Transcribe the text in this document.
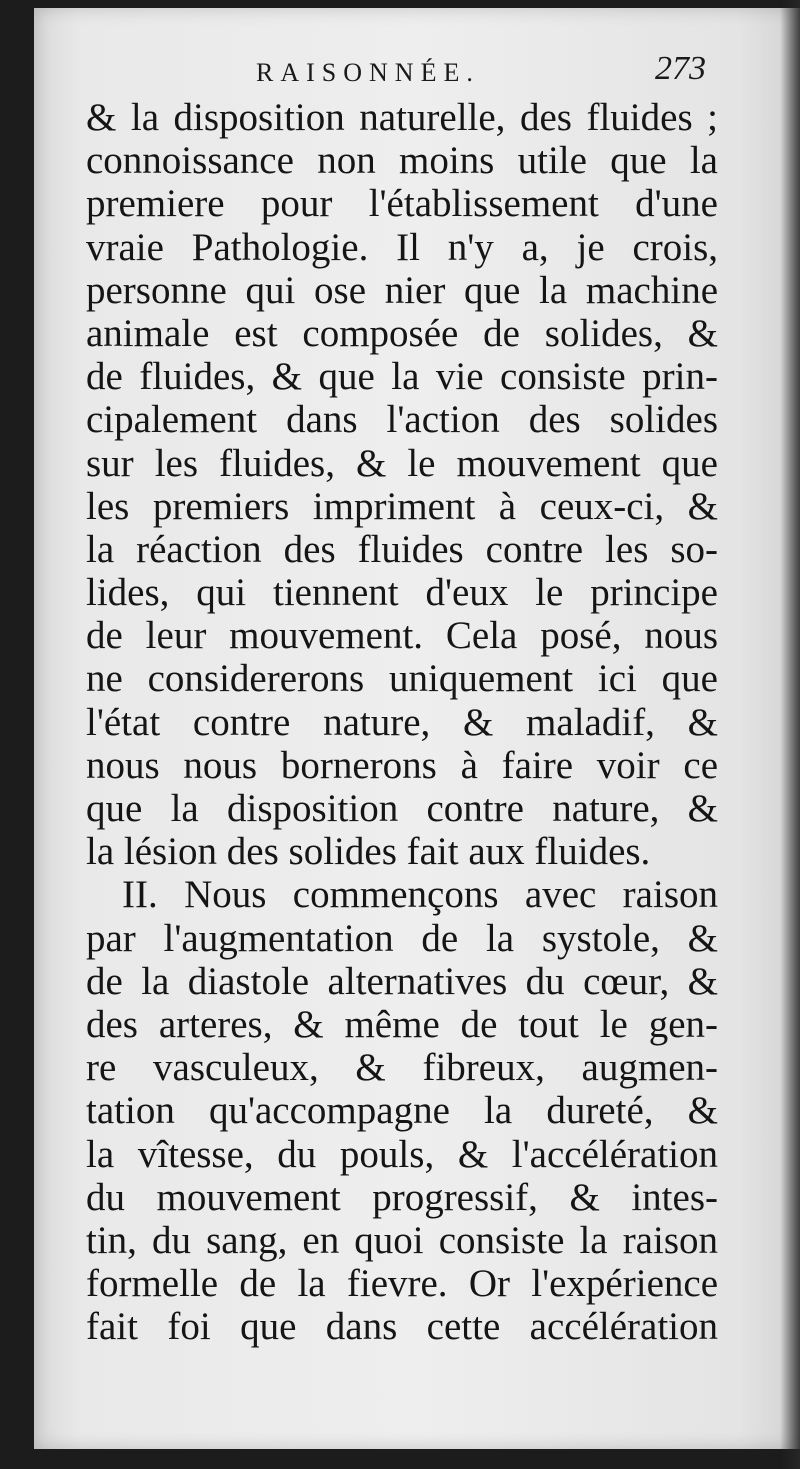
RAISONNÉE.	273
& la disposition naturelle, des fluides ;
connoissance non moins utile que la
premiere pour l'établissement d'une
vraie Pathologie. Il n'y a, je crois,
personne qui ose nier que la machine
animale est composée de solides, &
de fluides, & que la vie consiste prin-
cipalement dans l'action des solides
sur les fluides, & le mouvement que
les premiers impriment à ceux-ci, &
la réaction des fluides contre les so-
lides, qui tiennent d'eux le principe
de leur mouvement. Cela posé, nous
ne considererons uniquement ici que
l'état contre nature, & maladif, &
nous nous bornerons à faire voir ce
que la disposition contre nature, &
la lésion des solides fait aux fluides.
II. Nous commençons avec raison
par l'augmentation de la systole, &
de la diastole alternatives du cœur, &
des arteres, & même de tout le gen-
re vasculeux, & fibreux, augmen-
tation qu'accompagne la dureté, &
la vîtesse, du pouls, & l'accélération
du mouvement progressif, & intes-
tin, du sang, en quoi consiste la raison
formelle de la fievre. Or l'expérience
fait foi que dans cette accélération
